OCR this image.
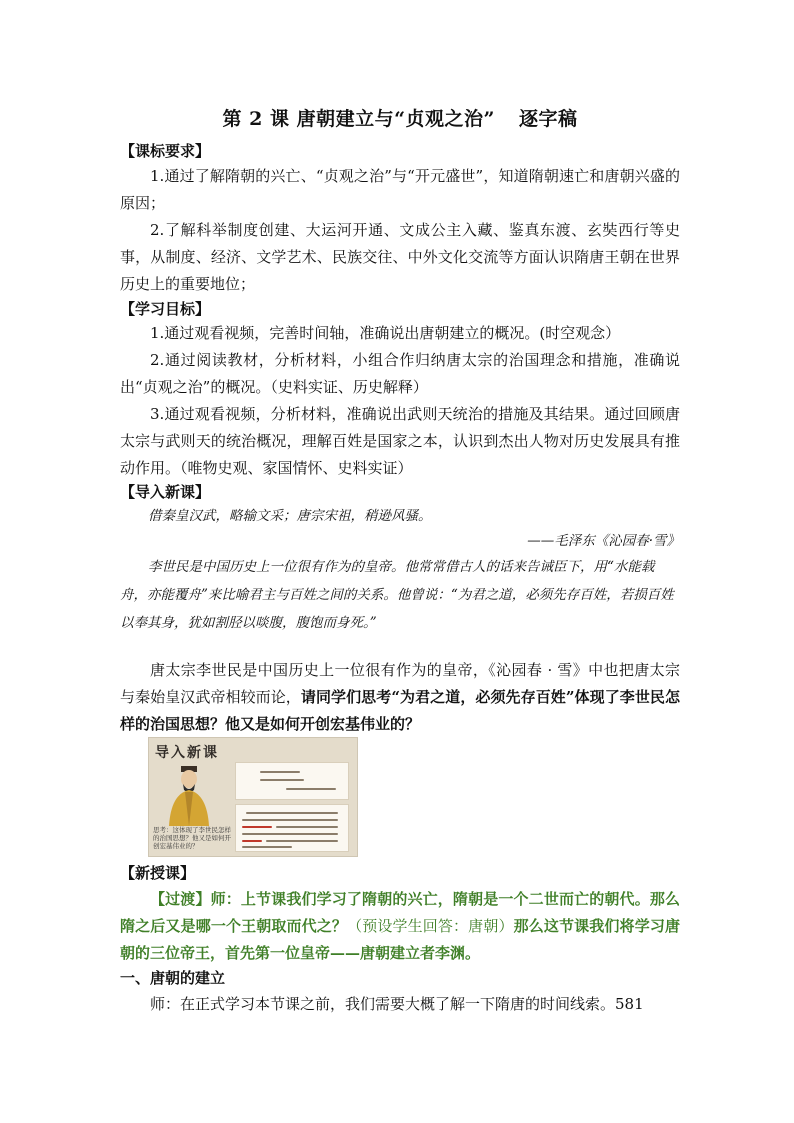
第 2 课 唐朝建立与“贞观之治” 逐字稿
【课标要求】
1.通过了解隋朝的兴亡、“贞观之治”与“开元盛世”，知道隋朝速亡和唐朝兴盛的原因；
2.了解科举制度创建、大运河开通、文成公主入藏、鉴真东渡、玄奘西行等史事，从制度、经济、文学艺术、民族交往、中外文化交流等方面认识隋唐王朝在世界历史上的重要地位；
【学习目标】
1.通过观看视频，完善时间轴，准确说出唐朝建立的概况。(时空观念）
2.通过阅读教材，分析材料，小组合作归纳唐太宗的治国理念和措施，准确说出“贞观之治”的概况。（史料实证、历史解释）
3.通过观看视频，分析材料，准确说出武则天统治的措施及其结果。通过回顾唐太宗与武则天的统治概况，理解百姓是国家之本，认识到杰出人物对历史发展具有推动作用。（唯物史观、家国情怀、史料实证）
【导入新课】
借秦皇汉武，略输文采；唐宗宋祖，稍逊风骚。
——毛泽东《沁园春·雪》
李世民是中国历史上一位很有作为的皇帝。他常常借古人的话来告诫臣下，用“水能载舟，亦能覆舟”来比喻君主与百姓之间的关系。他曾说：“为君之道，必须先存百姓，若损百姓以奉其身，犹如割胫以啖腹，腹饱而身死。”
唐太宗李世民是中国历史上一位很有作为的皇帝，《沁园春 · 雪》中也把唐太宗与秦始皇汉武帝相较而论，请同学们思考“为君之道，必须先存百姓”体现了李世民怎样的治国思想？他又是如何开创宏基伟业的？
导入新课
思考：这体现了李世民怎样的治国思想？他又是如何开创宏基伟业的？
【新授课】
【过渡】师：上节课我们学习了隋朝的兴亡，隋朝是一个二世而亡的朝代。那么隋之后又是哪一个王朝取而代之？（预设学生回答：唐朝）那么这节课我们将学习唐朝的三位帝王，首先第一位皇帝——唐朝建立者李渊。
一、唐朝的建立
师：在正式学习本节课之前，我们需要大概了解一下隋唐的时间线索。581
